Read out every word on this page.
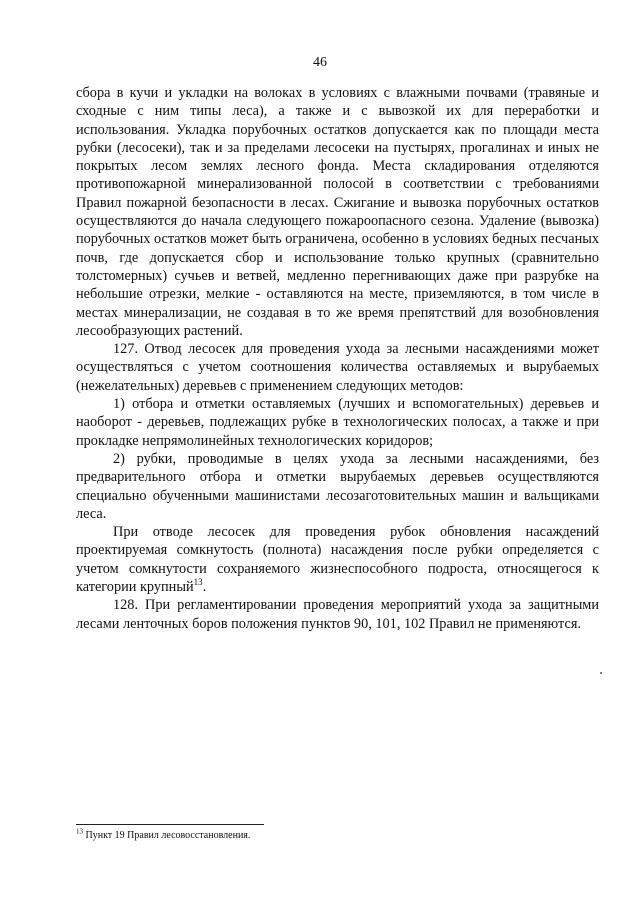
46

сбора в кучи и укладки на волоках в условиях с влажными почвами (травяные и сходные с ним типы леса), а также и с вывозкой их для переработки и использования. Укладка порубочных остатков допускается как по площади места рубки (лесосеки), так и за пределами лесосеки на пустырях, прогалинах и иных не покрытых лесом землях лесного фонда. Места складирования отделяются противопожарной минерализованной полосой в соответствии с требованиями Правил пожарной безопасности в лесах. Сжигание и вывозка порубочных остатков осуществляются до начала следующего пожароопасного сезона. Удаление (вывозка) порубочных остатков может быть ограничена, особенно в условиях бедных песчаных почв, где допускается сбор и использование только крупных (сравнительно толстомерных) сучьев и ветвей, медленно перегнивающих даже при разрубке на небольшие отрезки, мелкие - оставляются на месте, приземляются, в том числе в местах минерализации, не создавая в то же время препятствий для возобновления лесообразующих растений.

127. Отвод лесосек для проведения ухода за лесными насаждениями может осуществляться с учетом соотношения количества оставляемых и вырубаемых (нежелательных) деревьев с применением следующих методов:

1) отбора и отметки оставляемых (лучших и вспомогательных) деревьев и наоборот - деревьев, подлежащих рубке в технологических полосах, а также и при прокладке непрямолинейных технологических коридоров;

2) рубки, проводимые в целях ухода за лесными насаждениями, без предварительного отбора и отметки вырубаемых деревьев осуществляются специально обученными машинистами лесозаготовительных машин и вальщиками леса.

При отводе лесосек для проведения рубок обновления насаждений проектируемая сомкнутость (полнота) насаждения после рубки определяется с учетом сомкнутости сохраняемого жизнеспособного подроста, относящегося к категории крупный$^{13}$.

128. При регламентировании проведения мероприятий ухода за защитными лесами ленточных боров положения пунктов 90, 101, 102 Правил не применяются.

$^{13}$ Пункт 19 Правил лесовосстановления.
